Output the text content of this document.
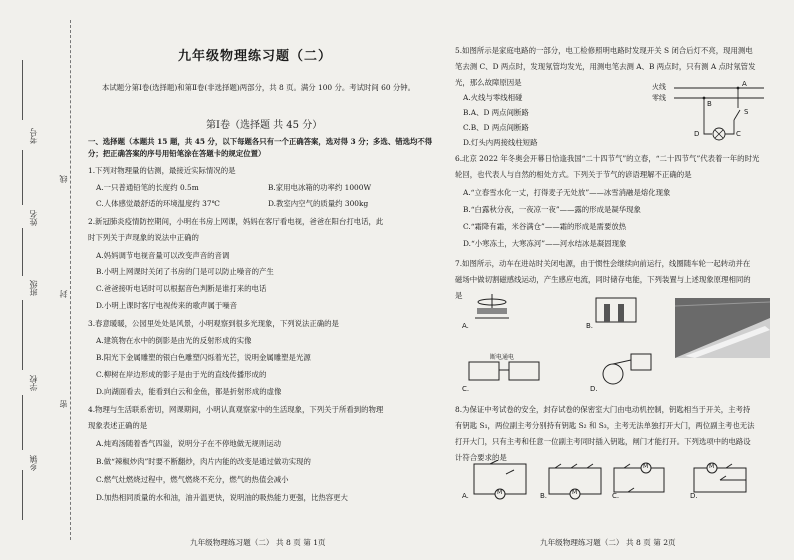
考号
姓名
班级
学校
乡镇
线
封
密
九年级物理练习题（二）
本试题分第Ⅰ卷(选择题)和第Ⅱ卷(非选择题)两部分，共 8 页。满分 100 分。考试时间 60 分钟。
第Ⅰ卷（选择题 共 45 分）
一、选择题（本题共 15 题，共 45 分，以下每题各只有一个正确答案，选对得 3 分；多选、错选均不得分；把正确答案的序号用铅笔涂在答题卡的规定位置）
1.下列对物理量的估测，最接近实际情况的是
A.一只普通铅笔的长度约 0.5m	B.家用电冰箱的功率约 1000W
C.人体感觉最舒适的环境温度约 37℃	D.教室内空气的质量约 300kg
2.新冠肺炎疫情防控期间，小明在书房上网课，妈妈在客厅看电视，爸爸在阳台打电话，此
时下列关于声现象的说法中正确的
A.妈妈调节电视音量可以改变声音的音调
B.小明上网课时关闭了书房的门是可以防止噪音的产生
C.爸爸接听电话时可以根据音色判断是谁打来的电话
D.小明上课时客厅电视传来的歌声属于噪音
3.春意暖暖，公园里处处是风景，小明观察到很多光现象，下列说法正确的是
A.建筑物在水中的倒影是由光的反射形成的实像
B.阳光下金属雕塑的银白色雕塑闪烁着光芒，说明金属雕塑是光源
C.柳树在岸边形成的影子是由于光的直线传播形成的
D.向湖面看去，能看到白云和金鱼，都是折射形成的虚像
4.物理与生活联系密切，网课期间，小明认真观察家中的生活现象，下列关于所看到的物理
现象表述正确的是
A.炖鸡汤随着香气四溢，说明分子在不停地做无规则运动
B.做“辣椒炒肉”时要不断翻炒，肉片内能的改变是通过做功实现的
C.燃气灶燃烧过程中，燃气燃烧不充分，燃气的热值会减小
D.加热相同质量的水和油，油升温更快，说明油的吸热能力更强，比热容更大
九年级物理练习题（二） 共 8 页 第 1页
5.如图所示是家庭电路的一部分，电工检修照明电路时发现开关 S 闭合后灯不亮，现用测电
笔去测 C、D 两点时，发现氖管均发光，用测电笔去测 A、B 两点时，只有测 A 点时氖管发
光，那么故障原因是
A.火线与零线相碰
B.A、D 两点间断路
C.B、D 两点间断路
D.灯头内两接线柱短路
6.北京 2022 年冬奥会开幕日恰逢我国“二十四节气”的立春，“二十四节气”代表着一年的时光
轮回，也代表人与自然的相处方式。下列关于节气的谚语理解不正确的是
A.“立春雪水化一丈，打得麦子无处放”——冰雪消融是熔化现象
B.“白露秋分夜，一夜凉一夜”——露的形成是凝华现象
C.“霜降有霜，米谷满仓”——霜的形成是需要放热
D.“小寒冻土，大寒冻河”——河水结冰是凝固现象
7.如图所示，动车在进站时关闭电源，由于惯性会继续向前运行，线圈随车轮一起转动并在
磁场中做切割磁感线运动，产生感应电流，同时储存电能，下列装置与上述现象原理相同的
是
8.为保证中考试卷的安全，封存试卷的保密室大门由电动机控制，钥匙相当于开关，主考持
有钥匙 S₁，两位副主考分别持有钥匙 S₂ 和 S₃，主考无法单独打开大门，两位副主考也无法
打开大门，只有主考和任意一位副主考同时插入钥匙，闸门才能打开。下列选项中的电路设
计符合要求的是
火线
零线
A
B
C
D
S
A.	B.
断电通电
C.	D.
M
A.	M
B.
M
C.
M
D.
九年级物理练习题（二） 共 8 页 第 2页
